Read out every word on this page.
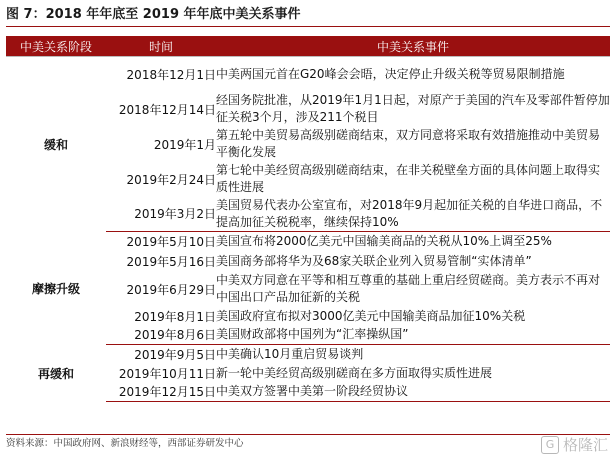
图 7：2018 年年底至 2019 年年底中美关系事件
中美关系阶段	时间	中美关系事件
缓和	2018年12月1日	中美两国元首在G20峰会会晤，决定停止升级关税等贸易限制措施
	2018年12月14日	经国务院批准，从2019年1月1日起，对原产于美国的汽车及零部件暂停加征关税3个月，涉及211个税目
	2019年1月	第五轮中美贸易高级别磋商结束，双方同意将采取有效措施推动中美贸易平衡化发展
	2019年2月24日	第七轮中美经贸高级别磋商结束，在非关税壁垒方面的具体问题上取得实质性进展
	2019年3月2日	美国贸易代表办公室宣布，对2018年9月起加征关税的自华进口商品，不提高加征关税税率，继续保持10%
摩擦升级	2019年5月10日	美国宣布将2000亿美元中国输美商品的关税从10%上调至25%
	2019年5月16日	美国商务部将华为及68家关联企业列入贸易管制“实体清单”
	2019年6月29日	中美双方同意在平等和相互尊重的基础上重启经贸磋商。美方表示不再对中国出口产品加征新的关税
	2019年8月1日	美国政府宣布拟对3000亿美元中国输美商品加征10%关税
	2019年8月6日	美国财政部将中国列为“汇率操纵国”
再缓和	2019年9月5日	中美确认10月重启贸易谈判
	2019年10月11日	新一轮中美经贸高级别磋商在多方面取得实质性进展
	2019年12月15日	中美双方签署中美第一阶段经贸协议
资料来源：中国政府网、新浪财经等，西部证券研发中心	G 格隆汇
